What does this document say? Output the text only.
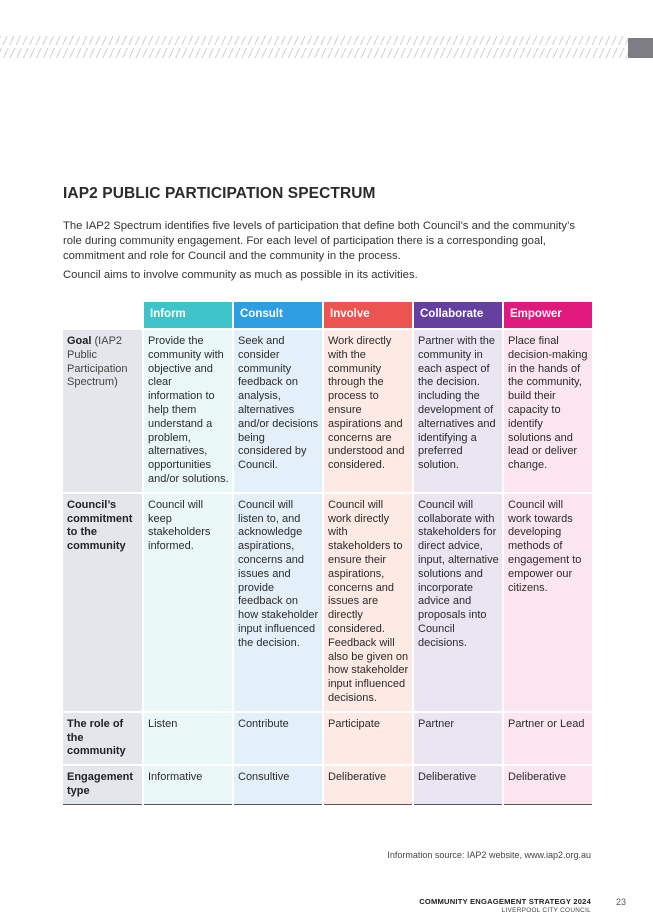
IAP2 PUBLIC PARTICIPATION SPECTRUM

The IAP2 Spectrum identifies five levels of participation that define both Council’s and the community’s role during community engagement. For each level of participation there is a corresponding goal, commitment and role for Council and the community in the process.

Council aims to involve community as much as possible in its activities.

	Inform	Consult	Involve	Collaborate	Empower
Goal (IAP2 Public Participation Spectrum)	Provide the community with objective and clear information to help them understand a problem, alternatives, opportunities and/or solutions.	Seek and consider community feedback on analysis, alternatives and/or decisions being considered by Council.	Work directly with the community through the process to ensure aspirations and concerns are understood and considered.	Partner with the community in each aspect of the decision. including the development of alternatives and identifying a preferred solution.	Place final decision-making in the hands of the community, build their capacity to identify solutions and lead or deliver change.
Council’s commitment to the community	Council will keep stakeholders informed.	Council will listen to, and acknowledge aspirations, concerns and issues and provide feedback on how stakeholder input influenced the decision.	Council will work directly with stakeholders to ensure their aspirations, concerns and issues are directly considered. Feedback will also be given on how stakeholder input influenced decisions.	Council will collaborate with stakeholders for direct advice, input, alternative solutions and incorporate advice and proposals into Council decisions.	Council will work towards developing methods of engagement to empower our citizens.
The role of the community	Listen	Contribute	Participate	Partner	Partner or Lead
Engagement type	Informative	Consultive	Deliberative	Deliberative	Deliberative

Information source: IAP2 website, www.iap2.org.au

COMMUNITY ENGAGEMENT STRATEGY 2024
LIVERPOOL CITY COUNCIL
23
